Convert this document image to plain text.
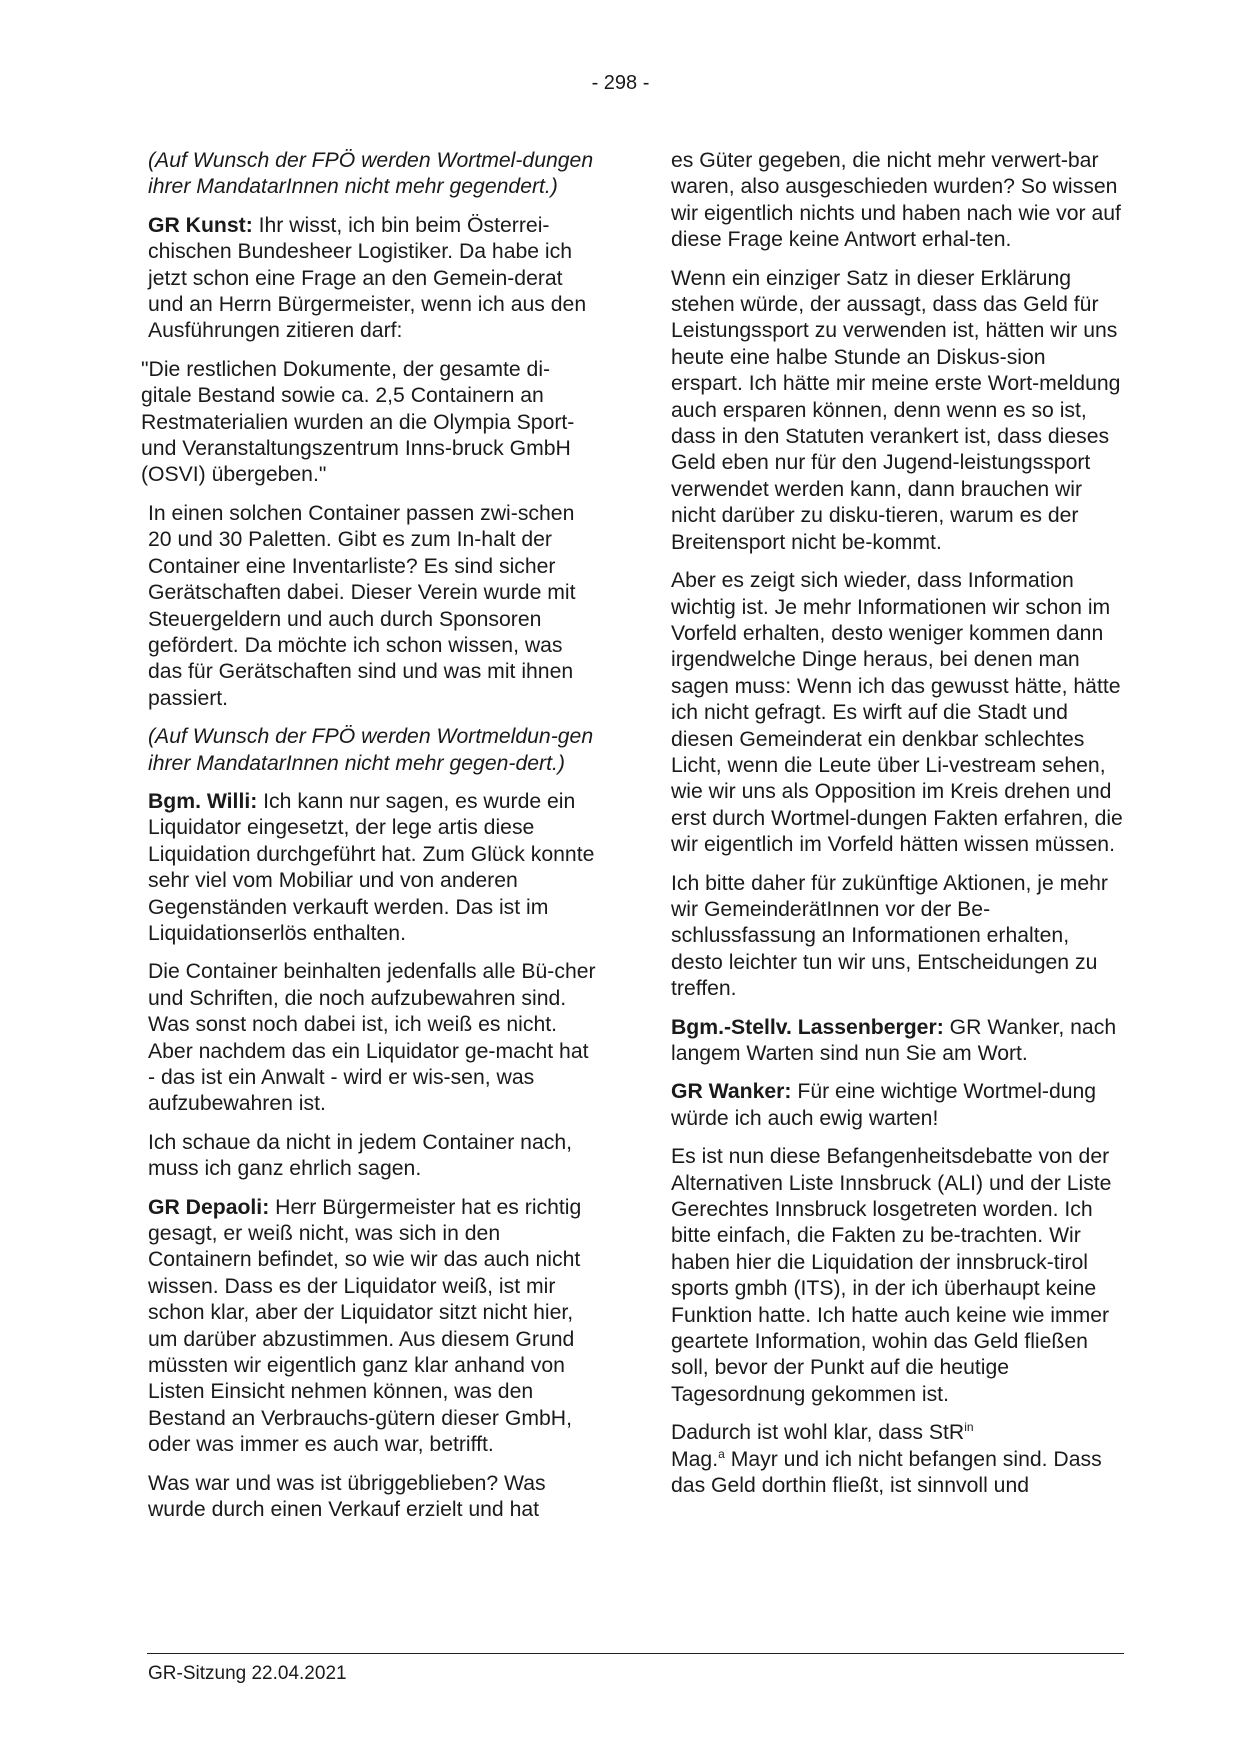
- 298 -

(Auf Wunsch der FPÖ werden Wortmel-dungen ihrer MandatarInnen nicht mehr gegendert.)

GR Kunst: Ihr wisst, ich bin beim Österrei-chischen Bundesheer Logistiker. Da habe ich jetzt schon eine Frage an den Gemein-derat und an Herrn Bürgermeister, wenn ich aus den Ausführungen zitieren darf:

"Die restlichen Dokumente, der gesamte di-gitale Bestand sowie ca. 2,5 Containern an Restmaterialien wurden an die Olympia Sport- und Veranstaltungszentrum Inns-bruck GmbH (OSVI) übergeben."

In einen solchen Container passen zwi-schen 20 und 30 Paletten. Gibt es zum In-halt der Container eine Inventarliste? Es sind sicher Gerätschaften dabei. Dieser Verein wurde mit Steuergeldern und auch durch Sponsoren gefördert. Da möchte ich schon wissen, was das für Gerätschaften sind und was mit ihnen passiert.

(Auf Wunsch der FPÖ werden Wortmeldun-gen ihrer MandatarInnen nicht mehr gegen-dert.)

Bgm. Willi: Ich kann nur sagen, es wurde ein Liquidator eingesetzt, der lege artis diese Liquidation durchgeführt hat. Zum Glück konnte sehr viel vom Mobiliar und von anderen Gegenständen verkauft werden. Das ist im Liquidationserlös enthalten.

Die Container beinhalten jedenfalls alle Bü-cher und Schriften, die noch aufzubewahren sind. Was sonst noch dabei ist, ich weiß es nicht. Aber nachdem das ein Liquidator ge-macht hat - das ist ein Anwalt - wird er wis-sen, was aufzubewahren ist.

Ich schaue da nicht in jedem Container nach, muss ich ganz ehrlich sagen.

GR Depaoli: Herr Bürgermeister hat es richtig gesagt, er weiß nicht, was sich in den Containern befindet, so wie wir das auch nicht wissen. Dass es der Liquidator weiß, ist mir schon klar, aber der Liquidator sitzt nicht hier, um darüber abzustimmen. Aus diesem Grund müssten wir eigentlich ganz klar anhand von Listen Einsicht nehmen können, was den Bestand an Verbrauchs-gütern dieser GmbH, oder was immer es auch war, betrifft.

Was war und was ist übriggeblieben? Was wurde durch einen Verkauf erzielt und hat

es Güter gegeben, die nicht mehr verwert-bar waren, also ausgeschieden wurden? So wissen wir eigentlich nichts und haben nach wie vor auf diese Frage keine Antwort erhal-ten.

Wenn ein einziger Satz in dieser Erklärung stehen würde, der aussagt, dass das Geld für Leistungssport zu verwenden ist, hätten wir uns heute eine halbe Stunde an Diskus-sion erspart. Ich hätte mir meine erste Wort-meldung auch ersparen können, denn wenn es so ist, dass in den Statuten verankert ist, dass dieses Geld eben nur für den Jugend-leistungssport verwendet werden kann, dann brauchen wir nicht darüber zu disku-tieren, warum es der Breitensport nicht be-kommt.

Aber es zeigt sich wieder, dass Information wichtig ist. Je mehr Informationen wir schon im Vorfeld erhalten, desto weniger kommen dann irgendwelche Dinge heraus, bei denen man sagen muss: Wenn ich das gewusst hätte, hätte ich nicht gefragt. Es wirft auf die Stadt und diesen Gemeinderat ein denkbar schlechtes Licht, wenn die Leute über Li-vestream sehen, wie wir uns als Opposition im Kreis drehen und erst durch Wortmel-dungen Fakten erfahren, die wir eigentlich im Vorfeld hätten wissen müssen.

Ich bitte daher für zukünftige Aktionen, je mehr wir GemeinderätInnen vor der Be-schlussfassung an Informationen erhalten, desto leichter tun wir uns, Entscheidungen zu treffen.

Bgm.-Stellv. Lassenberger: GR Wanker, nach langem Warten sind nun Sie am Wort.

GR Wanker: Für eine wichtige Wortmel-dung würde ich auch ewig warten!

Es ist nun diese Befangenheitsdebatte von der Alternativen Liste Innsbruck (ALI) und der Liste Gerechtes Innsbruck losgetreten worden. Ich bitte einfach, die Fakten zu be-trachten. Wir haben hier die Liquidation der innsbruck-tirol sports gmbh (ITS), in der ich überhaupt keine Funktion hatte. Ich hatte auch keine wie immer geartete Information, wohin das Geld fließen soll, bevor der Punkt auf die heutige Tagesordnung gekommen ist.

Dadurch ist wohl klar, dass StR$^{in}$
Mag.$^a$ Mayr und ich nicht befangen sind. Dass das Geld dorthin fließt, ist sinnvoll und

GR-Sitzung 22.04.2021
